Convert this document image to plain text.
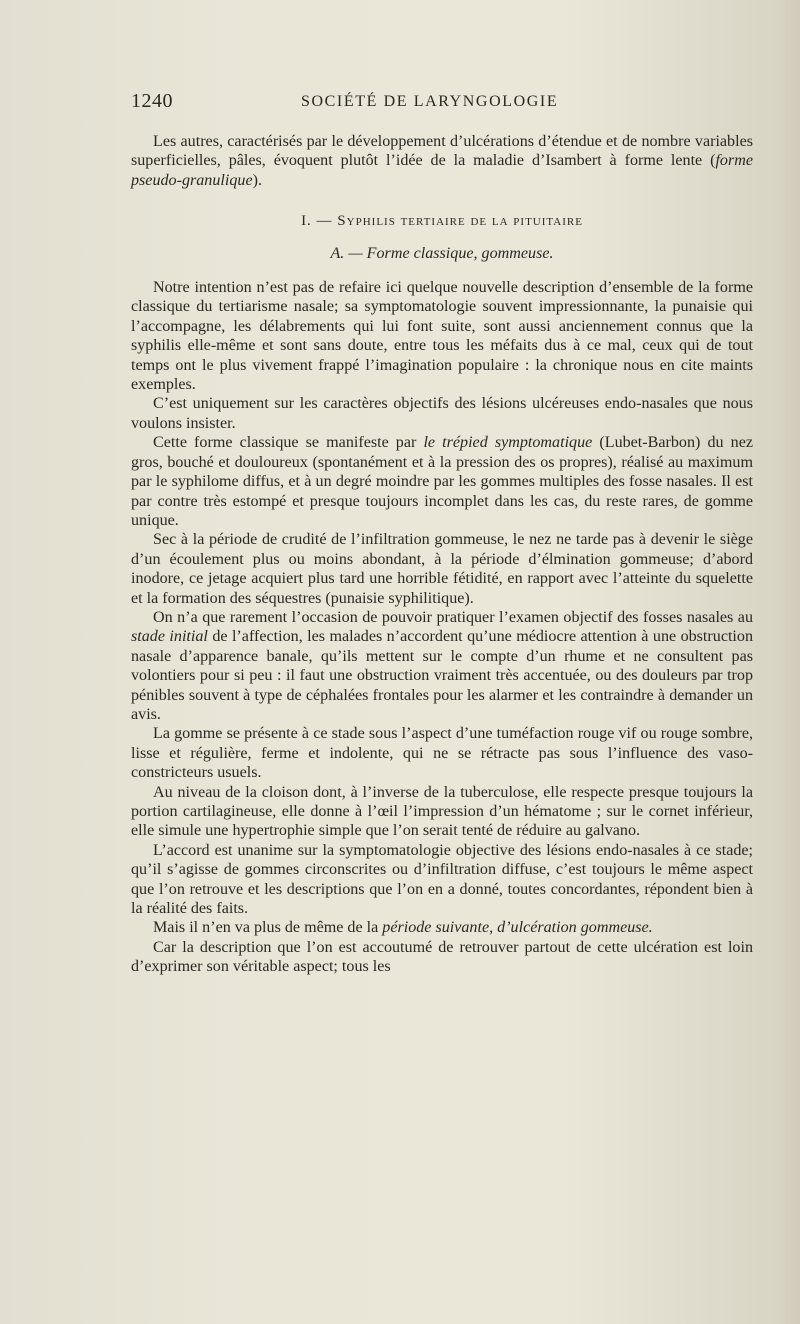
1240	SOCIÉTÉ DE LARYNGOLOGIE

Les autres, caractérisés par le développement d’ulcérations d’étendue et de nombre variables superficielles, pâles, évoquent plutôt l’idée de la maladie d’Isambert à forme lente (forme pseudo-granulique).

I. — Syphilis tertiaire de la pituitaire

A. — Forme classique, gommeuse.

Notre intention n’est pas de refaire ici quelque nouvelle description d’ensemble de la forme classique du tertiarisme nasale; sa symptomatologie souvent impressionnante, la punaisie qui l’accompagne, les délabrements qui lui font suite, sont aussi anciennement connus que la syphilis elle-même et sont sans doute, entre tous les méfaits dus à ce mal, ceux qui de tout temps ont le plus vivement frappé l’imagination populaire : la chronique nous en cite maints exemples.

C’est uniquement sur les caractères objectifs des lésions ulcéreuses endo-nasales que nous voulons insister.

Cette forme classique se manifeste par le trépied symptomatique (Lubet-Barbon) du nez gros, bouché et douloureux (spontanément et à la pression des os propres), réalisé au maximum par le syphilome diffus, et à un degré moindre par les gommes multiples des fosse nasales. Il est par contre très estompé et presque toujours incomplet dans les cas, du reste rares, de gomme unique.

Sec à la période de crudité de l’infiltration gommeuse, le nez ne tarde pas à devenir le siège d’un écoulement plus ou moins abondant, à la période d’élmination gommeuse; d’abord inodore, ce jetage acquiert plus tard une horrible fétidité, en rapport avec l’atteinte du squelette et la formation des séquestres (punaisie syphilitique).

On n’a que rarement l’occasion de pouvoir pratiquer l’examen objectif des fosses nasales au stade initial de l’affection, les malades n’accordent qu’une médiocre attention à une obstruction nasale d’apparence banale, qu’ils mettent sur le compte d’un rhume et ne consultent pas volontiers pour si peu : il faut une obstruction vraiment très accentuée, ou des douleurs par trop pénibles souvent à type de céphalées frontales pour les alarmer et les contraindre à demander un avis.

La gomme se présente à ce stade sous l’aspect d’une tuméfaction rouge vif ou rouge sombre, lisse et régulière, ferme et indolente, qui ne se rétracte pas sous l’influence des vaso-constricteurs usuels.

Au niveau de la cloison dont, à l’inverse de la tuberculose, elle respecte presque toujours la portion cartilagineuse, elle donne à l’œil l’impression d’un hématome ; sur le cornet inférieur, elle simule une hypertrophie simple que l’on serait tenté de réduire au galvano.

L’accord est unanime sur la symptomatologie objective des lésions endo-nasales à ce stade; qu’il s’agisse de gommes circonscrites ou d’infiltration diffuse, c’est toujours le même aspect que l’on retrouve et les descriptions que l’on en a donné, toutes concordantes, répondent bien à la réalité des faits.

Mais il n’en va plus de même de la période suivante, d’ulcération gommeuse.

Car la description que l’on est accoutumé de retrouver partout de cette ulcération est loin d’exprimer son véritable aspect; tous les
